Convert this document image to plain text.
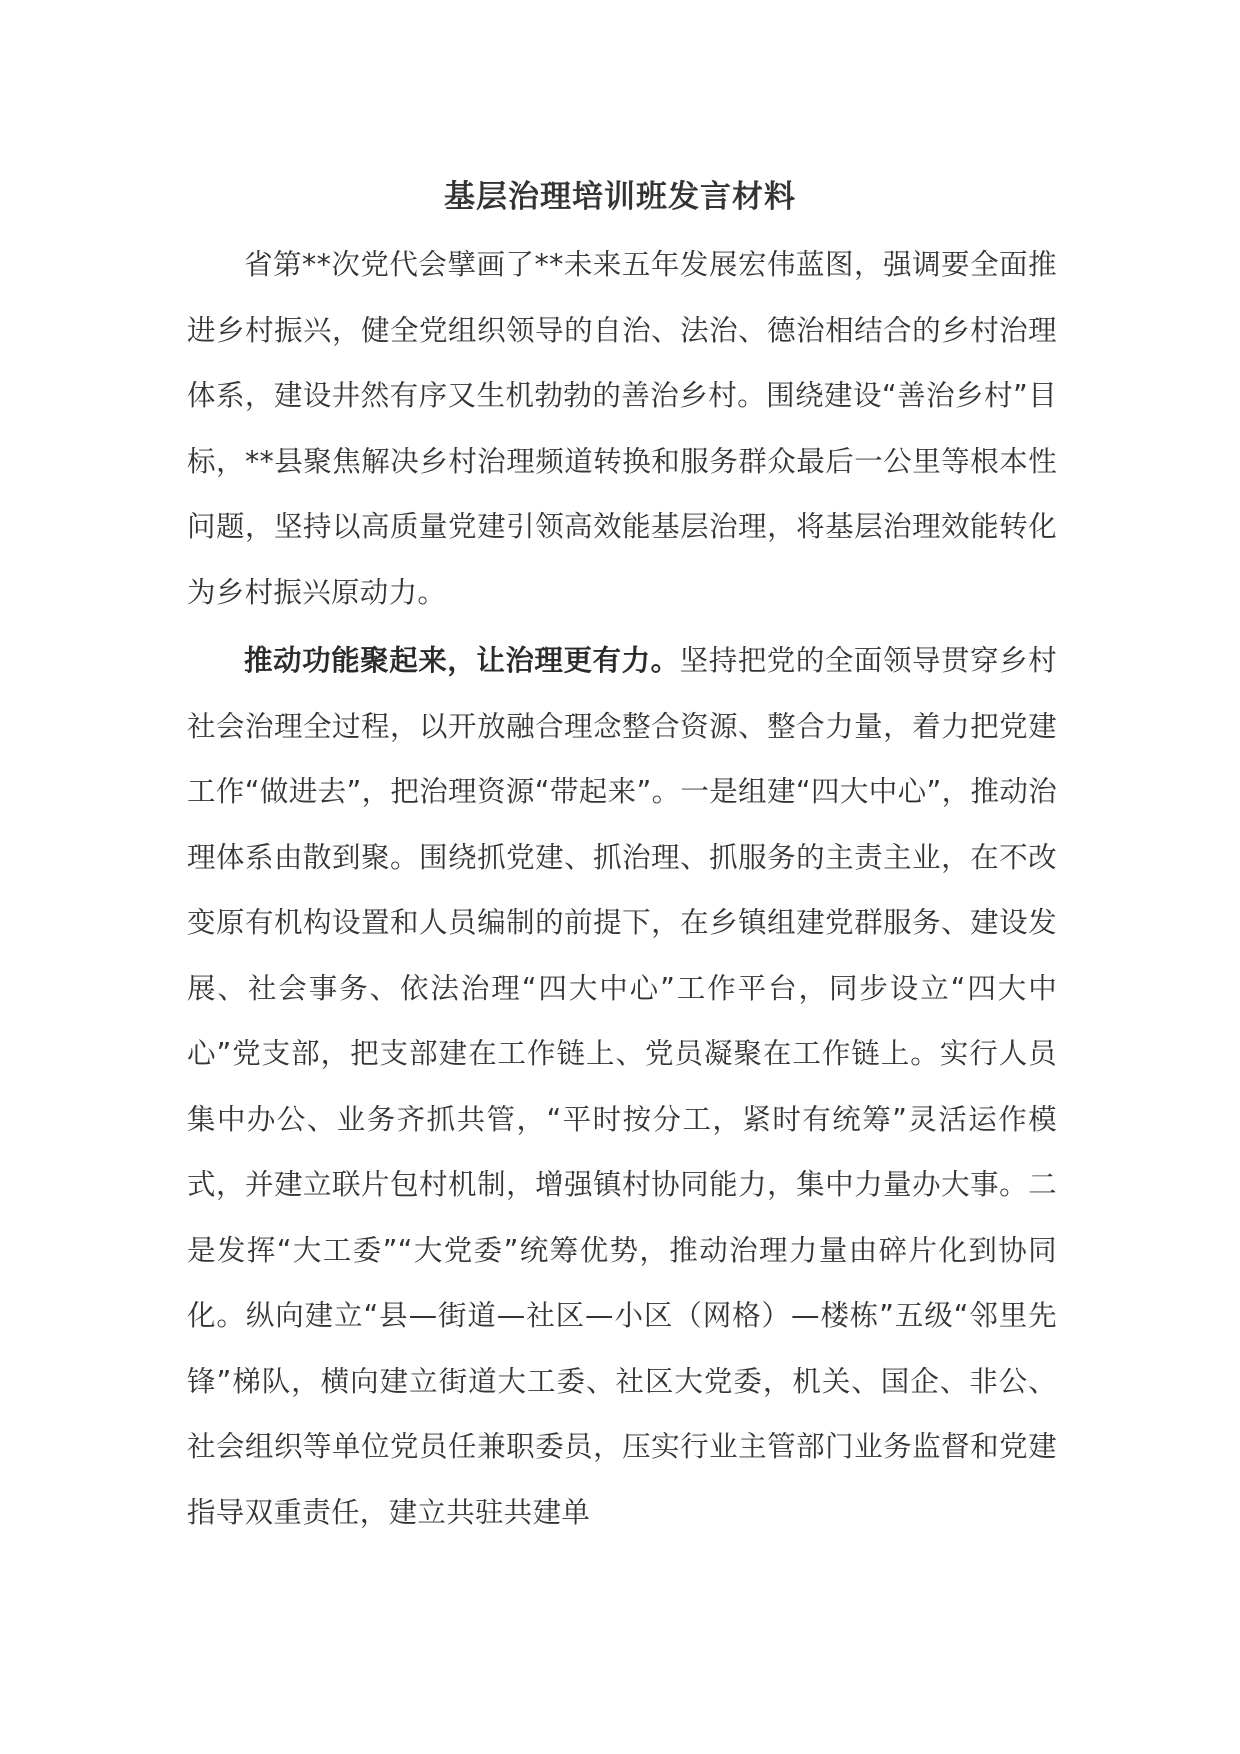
基层治理培训班发言材料

省第**次党代会擘画了**未来五年发展宏伟蓝图，强调要全面推进乡村振兴，健全党组织领导的自治、法治、德治相结合的乡村治理体系，建设井然有序又生机勃勃的善治乡村。围绕建设“善治乡村”目标，**县聚焦解决乡村治理频道转换和服务群众最后一公里等根本性问题，坚持以高质量党建引领高效能基层治理，将基层治理效能转化为乡村振兴原动力。

推动功能聚起来，让治理更有力。坚持把党的全面领导贯穿乡村社会治理全过程，以开放融合理念整合资源、整合力量，着力把党建工作“做进去”，把治理资源“带起来”。一是组建“四大中心”，推动治理体系由散到聚。围绕抓党建、抓治理、抓服务的主责主业，在不改变原有机构设置和人员编制的前提下，在乡镇组建党群服务、建设发展、社会事务、依法治理“四大中心”工作平台，同步设立“四大中心”党支部，把支部建在工作链上、党员凝聚在工作链上。实行人员集中办公、业务齐抓共管，“平时按分工，紧时有统筹”灵活运作模式，并建立联片包村机制，增强镇村协同能力，集中力量办大事。二是发挥“大工委”“大党委”统筹优势，推动治理力量由碎片化到协同化。纵向建立“县—街道—社区—小区（网格）—楼栋”五级“邻里先锋”梯队，横向建立街道大工委、社区大党委，机关、国企、非公、社会组织等单位党员任兼职委员，压实行业主管部门业务监督和党建指导双重责任，建立共驻共建单
